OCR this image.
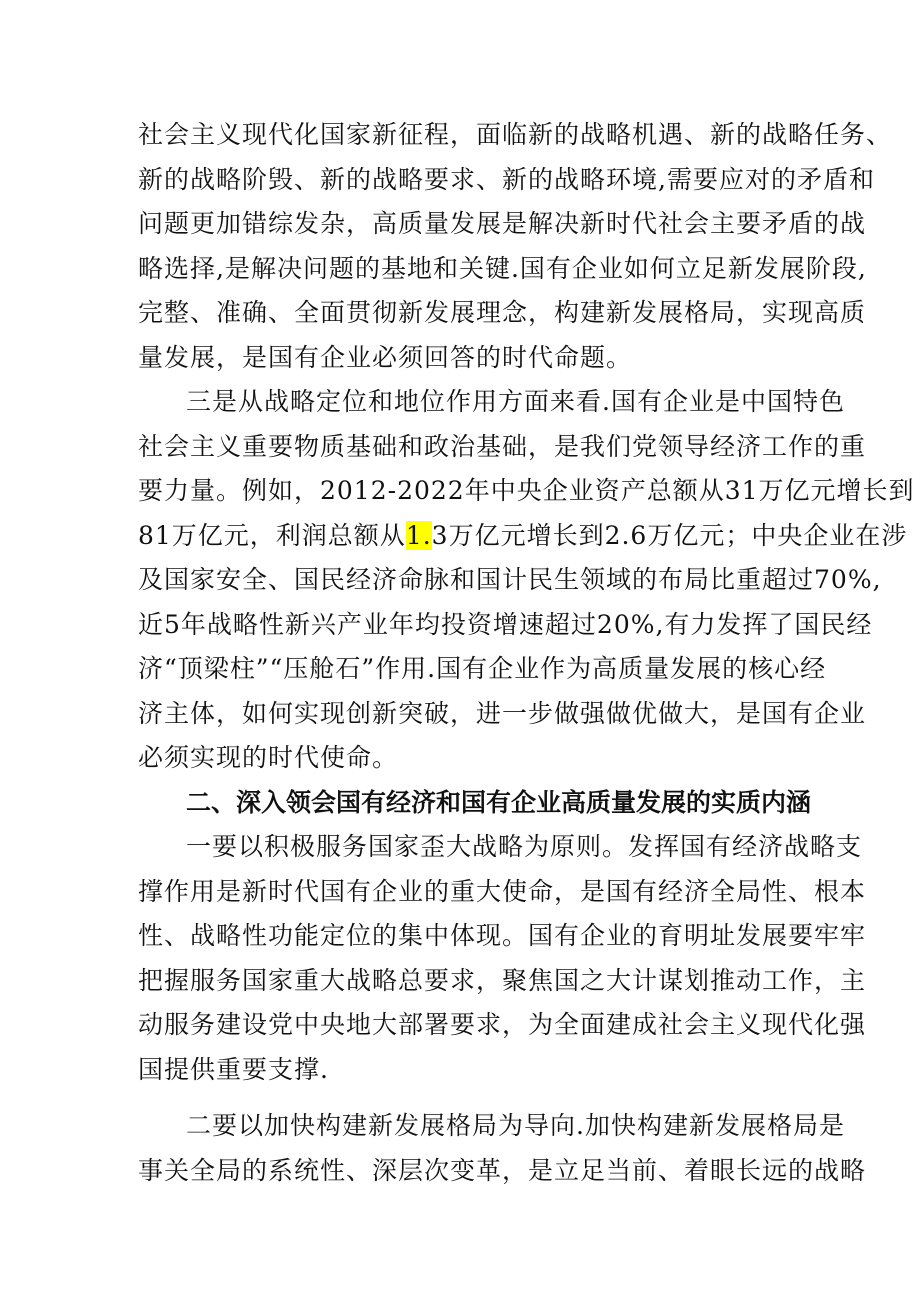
社会主义现代化国家新征程，面临新的战略机遇、新的战略任务、
新的战略阶毁、新的战略要求、新的战略环境,需要应对的矛盾和
问题更加错综发杂，高质量发展是解决新时代社会主要矛盾的战
略选择,是解决问题的基地和关键.国有企业如何立足新发展阶段,
完整、准确、全面贯彻新发展理念，构建新发展格局，实现高质
量发展，是国有企业必须回答的时代命题。
三是从战略定位和地位作用方面来看.国有企业是中国特色
社会主义重要物质基础和政治基础，是我们党领导经济工作的重
要力量。例如，2012-2022年中央企业资产总额从31万亿元增长到
81万亿元，利润总额从1.3万亿元增长到2.6万亿元；中央企业在涉
及国家安全、国民经济命脉和国计民生领域的布局比重超过70%,
近5年战略性新兴产业年均投资增速超过20%,有力发挥了国民经
济“顶梁柱”“压舱石”作用.国有企业作为高质量发展的核心经
济主体，如何实现创新突破，进一步做强做优做大，是国有企业
必须实现的时代使命。
二、深入领会国有经济和国有企业高质量发展的实质内涵
一要以积极服务国家歪大战略为原则。发挥国有经济战略支
撑作用是新时代国有企业的重大使命，是国有经济全局性、根本
性、战略性功能定位的集中体现。国有企业的育明址发展要牢牢
把握服务国家重大战略总要求，聚焦国之大计谋划推动工作，主
动服务建设党中央地大部署要求，为全面建成社会主义现代化强
国提供重要支撑.
二要以加快构建新发展格局为导向.加快构建新发展格局是
事关全局的系统性、深层次变革，是立足当前、着眼长远的战略
